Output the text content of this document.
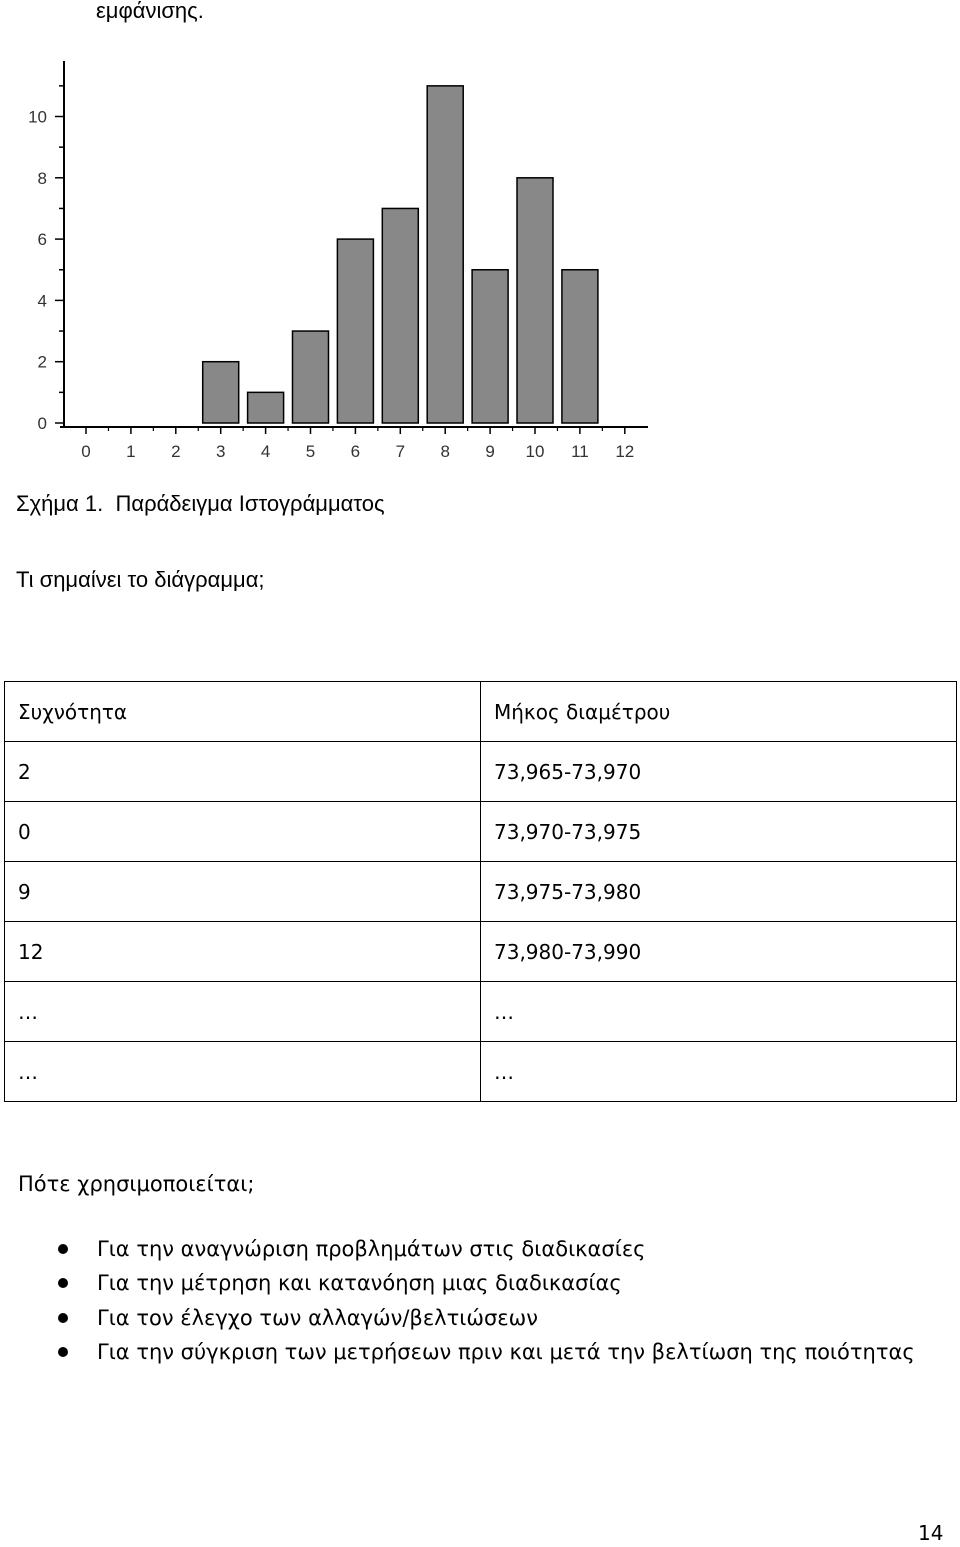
εμφάνισης.
0
2
4
6
8
10
0 1 2 3 4 5 6 7 8 9 10 11 12
Σχήμα 1.  Παράδειγμα Ιστογράμματος
Τι σημαίνει το διάγραμμα;
Συχνότητα	Μήκος διαμέτρου
2	73,965-73,970
0	73,970-73,975
9	73,975-73,980
12	73,980-73,990
…	…
…	…
Πότε χρησιμοποιείται;
Για την αναγνώριση προβλημάτων στις διαδικασίες
Για την μέτρηση και κατανόηση μιας διαδικασίας
Για τον έλεγχο των αλλαγών/βελτιώσεων
Για την σύγκριση των μετρήσεων πριν και μετά την βελτίωση της ποιότητας
14
